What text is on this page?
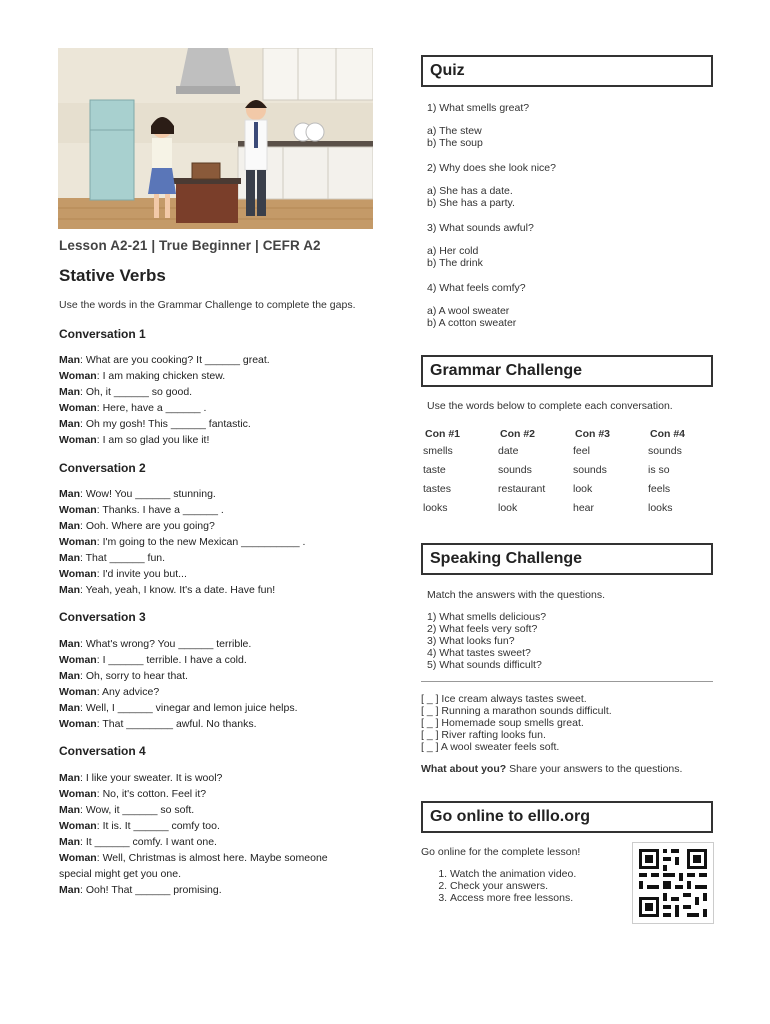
Lesson A2-21 | True Beginner | CEFR A2
Stative Verbs
Use the words in the Grammar Challenge to complete the gaps.
Conversation 1
Man: What are you cooking? It ______ great.
Woman: I am making chicken stew.
Man: Oh, it ______ so good.
Woman: Here, have a ______ .
Man: Oh my gosh! This ______ fantastic.
Woman: I am so glad you like it!
Conversation 2
Man: Wow! You ______ stunning.
Woman: Thanks. I have a ______ .
Man: Ooh. Where are you going?
Woman: I'm going to the new Mexican __________ .
Man: That ______ fun.
Woman: I'd invite you but...
Man: Yeah, yeah, I know. It's a date. Have fun!
Conversation 3
Man: What's wrong? You ______ terrible.
Woman: I ______ terrible. I have a cold.
Man: Oh, sorry to hear that.
Woman: Any advice?
Man: Well, I ______ vinegar and lemon juice helps.
Woman: That ________ awful. No thanks.
Conversation 4
Man: I like your sweater. It is wool?
Woman: No, it's cotton. Feel it?
Man: Wow, it ______ so soft.
Woman: It is. It ______ comfy too.
Man: It ______ comfy. I want one.
Woman: Well, Christmas is almost here. Maybe someone special might get you one.
Man: Ooh! That ______ promising.
Quiz
1) What smells great?
a) The stew
b) The soup
2) Why does she look nice?
a) She has a date.
b) She has a party.
3) What sounds awful?
a) Her cold
b) The drink
4) What feels comfy?
a) A wool sweater
b) A cotton sweater
Grammar Challenge
Use the words below to complete each conversation.
Con #1	Con #2	Con #3	Con #4
smells	date	feel	sounds
taste	sounds	sounds	is so
tastes	restaurant	look	feels
looks	look	hear	looks
Speaking Challenge
Match the answers with the questions.
1) What smells delicious?
2) What feels very soft?
3) What looks fun?
4) What tastes sweet?
5) What sounds difficult?
[ _ ] Ice cream always tastes sweet.
[ _ ] Running a marathon sounds difficult.
[ _ ] Homemade soup smells great.
[ _ ] River rafting looks fun.
[ _ ] A wool sweater feels soft.
What about you? Share your answers to the questions.
Go online to elllo.org
Go online for the complete lesson!
1. Watch the animation video.
2. Check your answers.
3. Access more free lessons.
